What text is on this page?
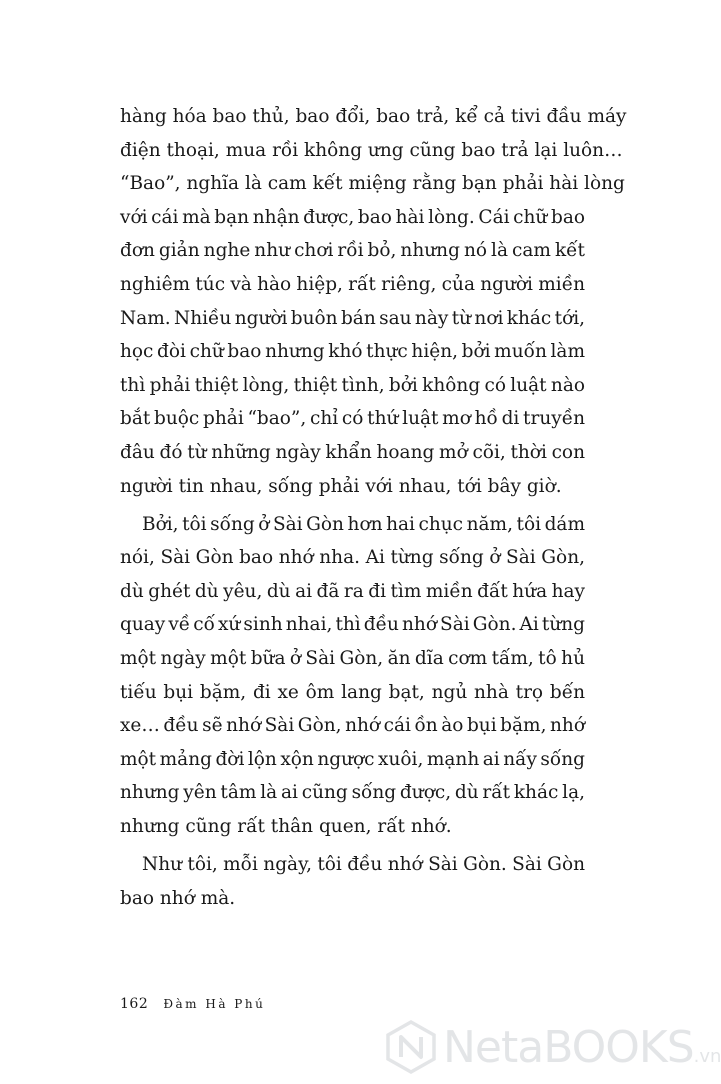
hàng hóa bao thủ, bao đổi, bao trả, kể cả tivi đầu máy
điện thoại, mua rồi không ưng cũng bao trả lại luôn…
“Bao”, nghĩa là cam kết miệng rằng bạn phải hài lòng
với cái mà bạn nhận được, bao hài lòng. Cái chữ bao
đơn giản nghe như chơi rồi bỏ, nhưng nó là cam kết
nghiêm túc và hào hiệp, rất riêng, của người miền
Nam. Nhiều người buôn bán sau này từ nơi khác tới,
học đòi chữ bao nhưng khó thực hiện, bởi muốn làm
thì phải thiệt lòng, thiệt tình, bởi không có luật nào
bắt buộc phải “bao”, chỉ có thứ luật mơ hồ di truyền
đâu đó từ những ngày khẩn hoang mở cõi, thời con
người tin nhau, sống phải với nhau, tới bây giờ.
Bởi, tôi sống ở Sài Gòn hơn hai chục năm, tôi dám
nói, Sài Gòn bao nhớ nha. Ai từng sống ở Sài Gòn,
dù ghét dù yêu, dù ai đã ra đi tìm miền đất hứa hay
quay về cố xứ sinh nhai, thì đều nhớ Sài Gòn. Ai từng
một ngày một bữa ở Sài Gòn, ăn dĩa cơm tấm, tô hủ
tiếu bụi bặm, đi xe ôm lang bạt, ngủ nhà trọ bến
xe… đều sẽ nhớ Sài Gòn, nhớ cái ồn ào bụi bặm, nhớ
một mảng đời lộn xộn ngược xuôi, mạnh ai nấy sống
nhưng yên tâm là ai cũng sống được, dù rất khác lạ,
nhưng cũng rất thân quen, rất nhớ.
Như tôi, mỗi ngày, tôi đều nhớ Sài Gòn. Sài Gòn
bao nhớ mà.
162 Đàm Hà Phú
NetaBOOKS.vn
